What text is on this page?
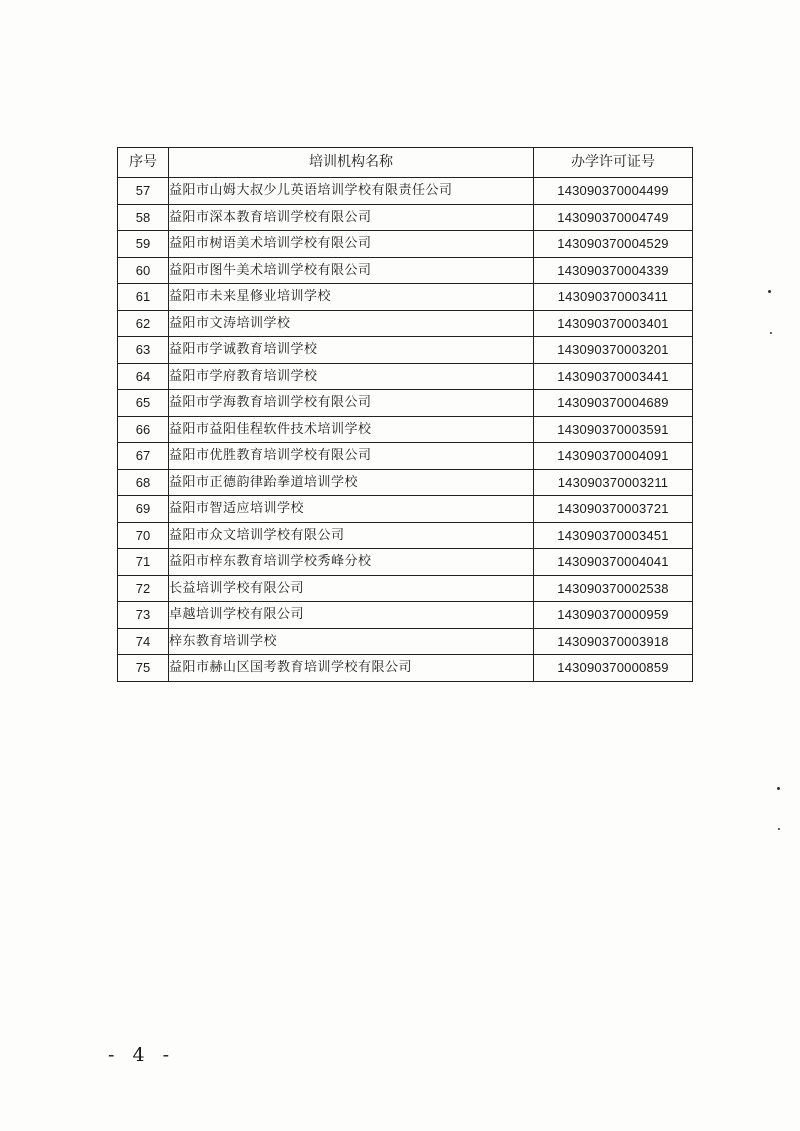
序号	培训机构名称	办学许可证号
57	益阳市山姆大叔少儿英语培训学校有限责任公司	143090370004499
58	益阳市深本教育培训学校有限公司	143090370004749
59	益阳市树语美术培训学校有限公司	143090370004529
60	益阳市图牛美术培训学校有限公司	143090370004339
61	益阳市未来星修业培训学校	143090370003411
62	益阳市文涛培训学校	143090370003401
63	益阳市学诚教育培训学校	143090370003201
64	益阳市学府教育培训学校	143090370003441
65	益阳市学海教育培训学校有限公司	143090370004689
66	益阳市益阳佳程软件技术培训学校	143090370003591
67	益阳市优胜教育培训学校有限公司	143090370004091
68	益阳市正德韵律跆拳道培训学校	143090370003211
69	益阳市智适应培训学校	143090370003721
70	益阳市众文培训学校有限公司	143090370003451
71	益阳市梓东教育培训学校秀峰分校	143090370004041
72	长益培训学校有限公司	143090370002538
73	卓越培训学校有限公司	143090370000959
74	梓东教育培训学校	143090370003918
75	益阳市赫山区国考教育培训学校有限公司	143090370000859
- 4 -
